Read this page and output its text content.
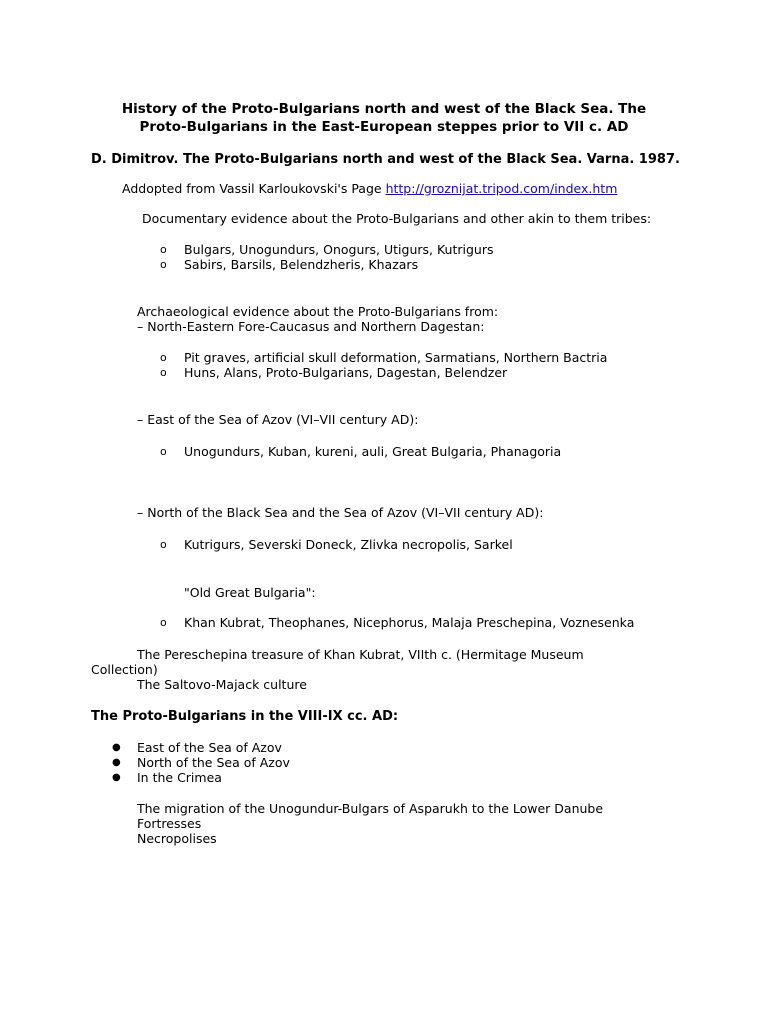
History of the Proto-Bulgarians north and west of the Black Sea. The
Proto-Bulgarians in the East-European steppes prior to VII c. AD
D. Dimitrov. The Proto-Bulgarians north and west of the Black Sea. Varna. 1987.
Addopted from Vassil Karloukovski's Page http://groznijat.tripod.com/index.htm
Documentary evidence about the Proto-Bulgarians and other akin to them tribes:
o Bulgars, Unogundurs, Onogurs, Utigurs, Kutrigurs
o Sabirs, Barsils, Belendzheris, Khazars
Archaeological evidence about the Proto-Bulgarians from:
– North-Eastern Fore-Caucasus and Northern Dagestan:
o Pit graves, artificial skull deformation, Sarmatians, Northern Bactria
o Huns, Alans, Proto-Bulgarians, Dagestan, Belendzer
– East of the Sea of Azov (VI–VII century AD):
o Unogundurs, Kuban, kureni, auli, Great Bulgaria, Phanagoria
– North of the Black Sea and the Sea of Azov (VI–VII century AD):
o Kutrigurs, Severski Doneck, Zlivka necropolis, Sarkel
"Old Great Bulgaria":
o Khan Kubrat, Theophanes, Nicephorus, Malaja Preschepina, Voznesenka
The Pereschepina treasure of Khan Kubrat, VIIth c. (Hermitage Museum
Collection)
The Saltovo-Majack culture
The Proto-Bulgarians in the VIII-IX cc. AD:
● East of the Sea of Azov
● North of the Sea of Azov
● In the Crimea
The migration of the Unogundur-Bulgars of Asparukh to the Lower Danube
Fortresses
Necropolises
